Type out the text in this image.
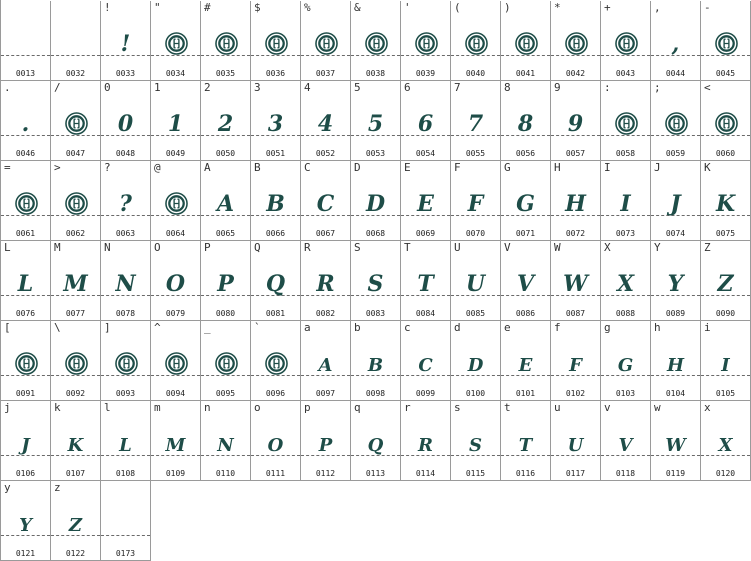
0013	0032
!
!
0033
"
0034
#
0035
$
0036
%
0037
&
0038
'
0039
(
0040
)
0041
*
0042
+
0043
,
,
0044
-
0045
.
.
0046
/
0047
0
0
0048
1
1
0049
2
2
0050
3
3
0051
4
4
0052
5
5
0053
6
6
0054
7
7
0055
8
8
0056
9
9
0057
:
0058
;
0059
<
0060
=
0061
>
0062
?
?
0063
@
0064
A
A
0065
B
B
0066
C
C
0067
D
D
0068
E
E
0069
F
F
0070
G
G
0071
H
H
0072
I
I
0073
J
J
0074
K
K
0075
L
L
0076
M
M
0077
N
N
0078
O
O
0079
P
P
0080
Q
Q
0081
R
R
0082
S
S
0083
T
T
0084
U
U
0085
V
V
0086
W
W
0087
X
X
0088
Y
Y
0089
Z
Z
0090
[
0091
\
0092
]
0093
^
0094
_
0095
`
0096
a
A
0097
b
B
0098
c
C
0099
d
D
0100
e
E
0101
f
F
0102
g
G
0103
h
H
0104
i
I
0105
j
J
0106
k
K
0107
l
L
0108
m
M
0109
n
N
0110
o
O
0111
p
P
0112
q
Q
0113
r
R
0114
s
S
0115
t
T
0116
u
U
0117
v
V
0118
w
W
0119
x
X
0120
y
Y
0121
z
Z
0122	0173
